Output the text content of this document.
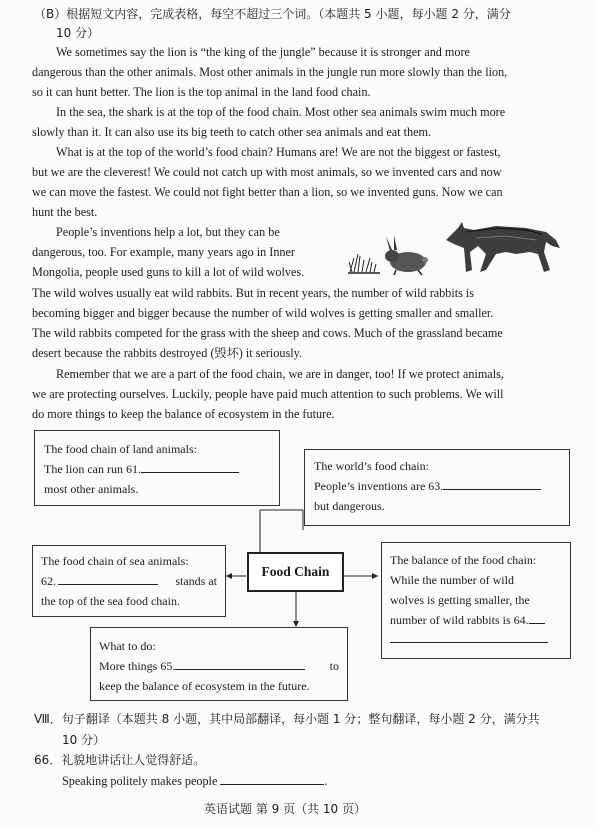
（B）根据短文内容，完成表格，每空不超过三个词。（本题共 5 小题，每小题 2 分，满分
10 分）
We sometimes say the lion is “the king of the jungle” because it is stronger and more
dangerous than the other animals. Most other animals in the jungle run more slowly than the lion,
so it can hunt better. The lion is the top animal in the land food chain.
In the sea, the shark is at the top of the food chain. Most other sea animals swim much more
slowly than it. It can also use its big teeth to catch other sea animals and eat them.
What is at the top of the world’s food chain? Humans are! We are not the biggest or fastest,
but we are the cleverest! We could not catch up with most animals, so we invented cars and now
we can move the fastest. We could not fight better than a lion, so we invented guns. Now we can
hunt the best.
People’s inventions help a lot, but they can be
dangerous, too. For example, many years ago in Inner
Mongolia, people used guns to kill a lot of wild wolves.
The wild wolves usually eat wild rabbits. But in recent years, the number of wild rabbits is
becoming bigger and bigger because the number of wild wolves is getting smaller and smaller.
The wild rabbits competed for the grass with the sheep and cows. Much of the grassland became
desert because the rabbits destroyed (毁坏) it seriously.
Remember that we are a part of the food chain, we are in danger, too! If we protect animals,
we are protecting ourselves. Luckily, people have paid much attention to such problems. We will
do more things to keep the balance of ecosystem in the future.
The food chain of land animals:
The lion can run 61.
most other animals.
The world’s food chain:
People’s inventions are 63.
but dangerous.
The food chain of sea animals:
62.	stands at
the top of the sea food chain.
Food Chain
The balance of the food chain:
While the number of wild
wolves is getting smaller, the
number of wild rabbits is 64.
What to do:
More things 65.	to
keep the balance of ecosystem in the future.
Ⅷ．句子翻译（本题共 8 小题，其中局部翻译，每小题 1 分；整句翻译，每小题 2 分，满分共
10 分）
66．礼貌地讲话让人觉得舒适。
Speaking politely makes people	.
英语试题 第 9 页（共 10 页）
